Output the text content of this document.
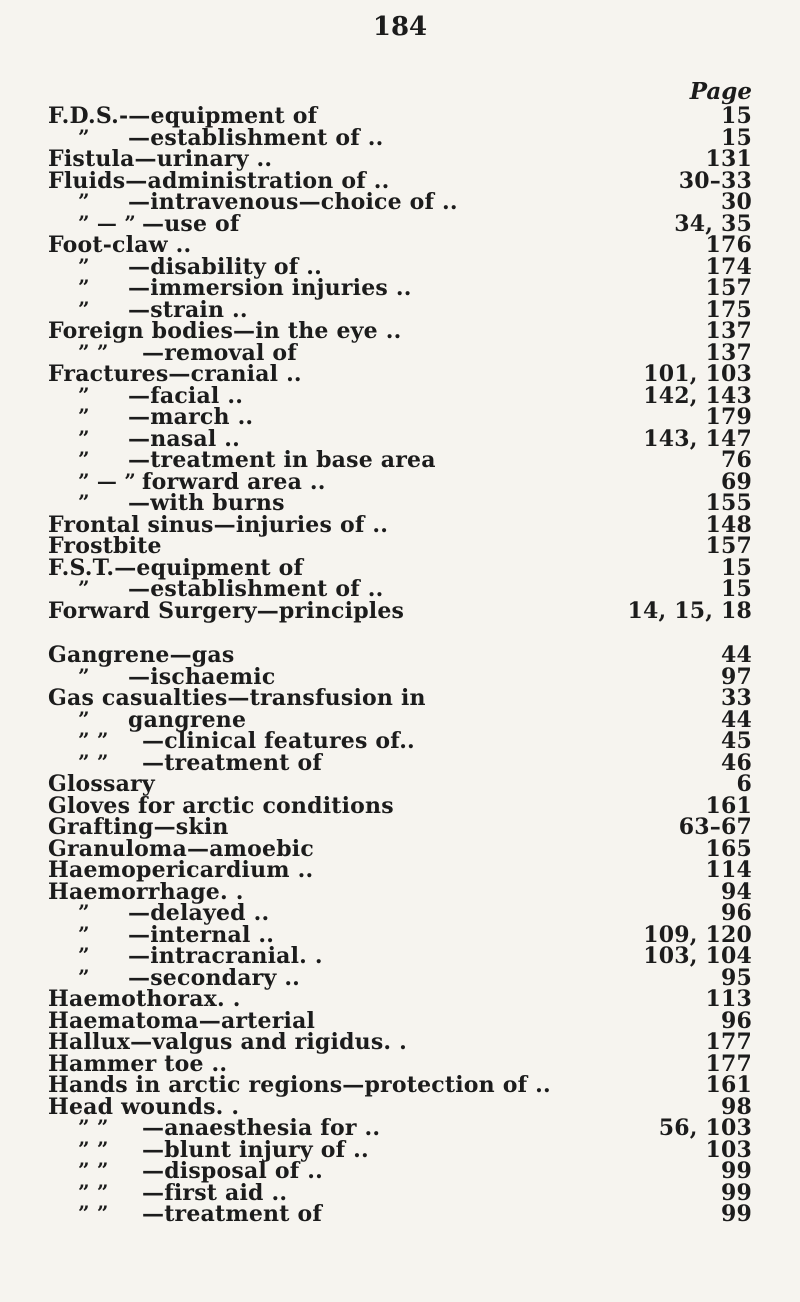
184
Page
F.D.S.-—equipment of	15
” —establishment of ..	15
Fistula—urinary ..	131
Fluids—administration of ..	30–33
” —intravenous—choice of ..	30
” — ” —use of	34, 35
Foot-claw ..	176
” —disability of ..	174
” —immersion injuries ..	157
” —strain ..	175
Foreign bodies—in the eye ..	137
” ” —removal of	137
Fractures—cranial ..	101, 103
” —facial ..	142, 143
” —march ..	179
” —nasal ..	143, 147
” —treatment in base area	76
” — ” forward area ..	69
” —with burns	155
Frontal sinus—injuries of ..	148
Frostbite	157
F.S.T.—equipment of	15
” —establishment of ..	15
Forward Surgery—principles	14, 15, 18
Gangrene—gas	44
” —ischaemic	97
Gas casualties—transfusion in	33
” gangrene	44
” ” —clinical features of..	45
” ” —treatment of	46
Glossary	6
Gloves for arctic conditions	161
Grafting—skin	63–67
Granuloma—amoebic	165
Haemopericardium ..	114
Haemorrhage. .	94
” —delayed ..	96
” —internal ..	109, 120
” —intracranial. .	103, 104
” —secondary ..	95
Haemothorax. .	113
Haematoma—arterial	96
Hallux—valgus and rigidus. .	177
Hammer toe ..	177
Hands in arctic regions—protection of ..	161
Head wounds. .	98
” ” —anaesthesia for ..	56, 103
” ” —blunt injury of ..	103
” ” —disposal of ..	99
” ” —first aid ..	99
” ” —treatment of	99
